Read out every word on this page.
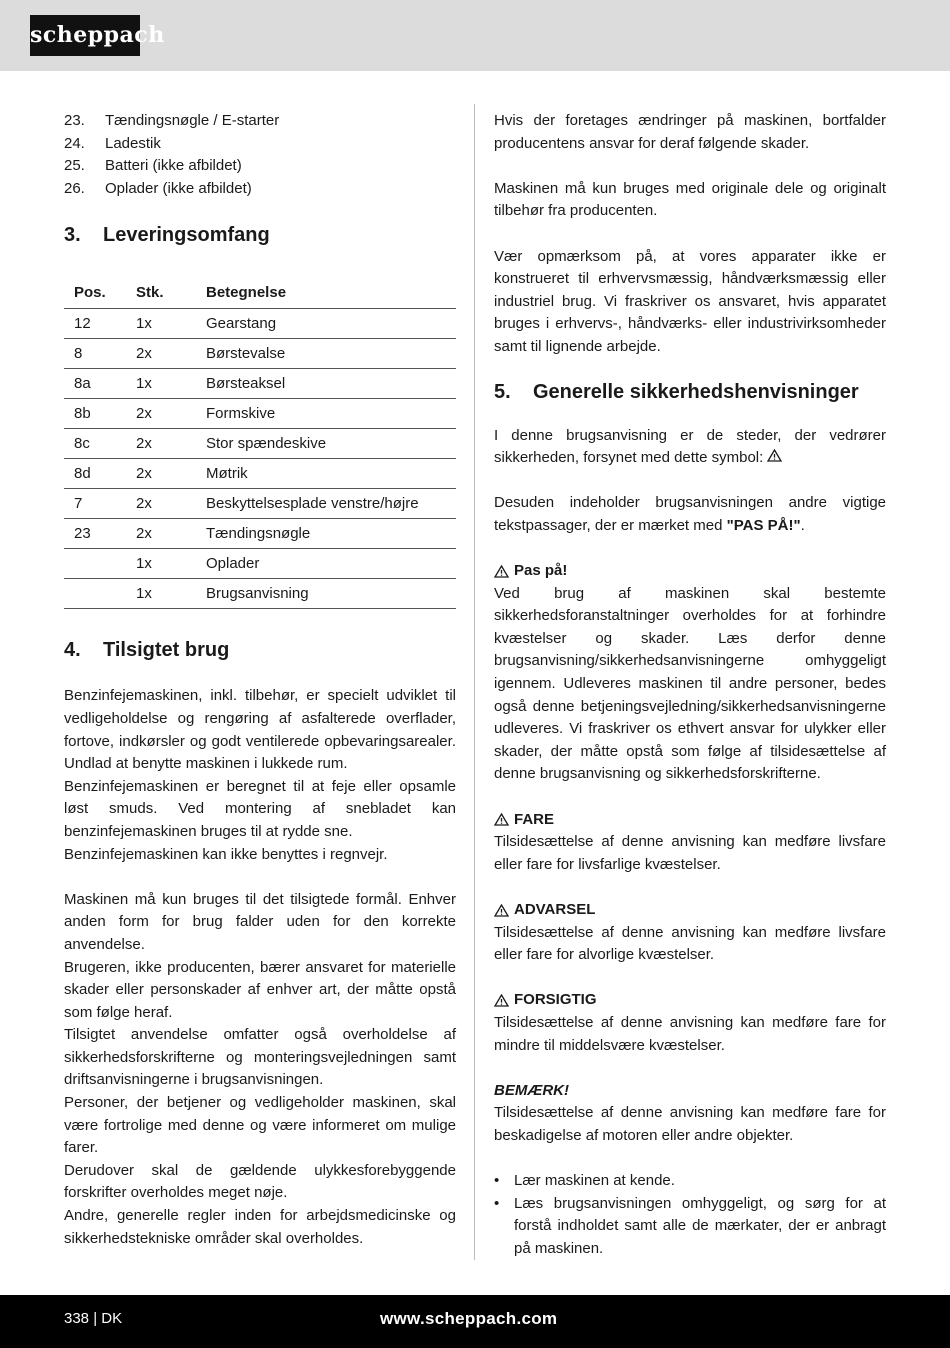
scheppach
23.	Tændingsnøgle / E-starter
24.	Ladestik
25.	Batteri (ikke afbildet)
26.	Oplader (ikke afbildet)
3.	Leveringsomfang
Pos.	Stk.	Betegnelse
12	1x	Gearstang
8	2x	Børstevalse
8a	1x	Børsteaksel
8b	2x	Formskive
8c	2x	Stor spændeskive
8d	2x	Møtrik
7	2x	Beskyttelsesplade venstre/højre
23	2x	Tændingsnøgle
	1x	Oplader
	1x	Brugsanvisning
4.	Tilsigtet brug

Benzinfejemaskinen, inkl. tilbehør, er specielt udviklet til vedligeholdelse og rengøring af asfalterede overflader, fortove, indkørsler og godt ventilerede opbevaringsarealer. Undlad at benytte maskinen i lukkede rum.

Benzinfejemaskinen er beregnet til at feje eller opsamle løst smuds. Ved montering af snebladet kan benzinfejemaskinen bruges til at rydde sne.

Benzinfejemaskinen kan ikke benyttes i regnvejr.

Maskinen må kun bruges til det tilsigtede formål. Enhver anden form for brug falder uden for den korrekte anvendelse.

Brugeren, ikke producenten, bærer ansvaret for materielle skader eller personskader af enhver art, der måtte opstå som følge heraf.

Tilsigtet anvendelse omfatter også overholdelse af sikkerhedsforskrifterne og monteringsvejledningen samt driftsanvisningerne i brugsanvisningen.

Personer, der betjener og vedligeholder maskinen, skal være fortrolige med denne og være informeret om mulige farer.

Derudover skal de gældende ulykkesforebyggende forskrifter overholdes meget nøje.

Andre, generelle regler inden for arbejdsmedicinske og sikkerhedstekniske områder skal overholdes.

Hvis der foretages ændringer på maskinen, bortfalder producentens ansvar for deraf følgende skader.

Maskinen må kun bruges med originale dele og originalt tilbehør fra producenten.

Vær opmærksom på, at vores apparater ikke er konstrueret til erhvervsmæssig, håndværksmæssig eller industriel brug. Vi fraskriver os ansvaret, hvis apparatet bruges i erhvervs-, håndværks- eller industrivirksomheder samt til lignende arbejde.

5.	Generelle sikkerhedshenvisninger

I denne brugsanvisning er de steder, der vedrører sikkerheden, forsynet med dette symbol:

Desuden indeholder brugsanvisningen andre vigtige tekstpassager, der er mærket med "PAS PÅ!".

Pas på!

Ved brug af maskinen skal bestemte sikkerhedsforanstaltninger overholdes for at forhindre kvæstelser og skader. Læs derfor denne brugsanvisning/sikkerhedsanvisningerne omhyggeligt igennem. Udleveres maskinen til andre personer, bedes også denne betjeningsvejledning/sikkerhedsanvisningerne udleveres. Vi fraskriver os ethvert ansvar for ulykker eller skader, der måtte opstå som følge af tilsidesættelse af denne brugsanvisning og sikkerhedsforskrifterne.

FARE

Tilsidesættelse af denne anvisning kan medføre livsfare eller fare for livsfarlige kvæstelser.

ADVARSEL

Tilsidesættelse af denne anvisning kan medføre livsfare eller fare for alvorlige kvæstelser.

FORSIGTIG

Tilsidesættelse af denne anvisning kan medføre fare for mindre til middelsvære kvæstelser.

BEMÆRK!

Tilsidesættelse af denne anvisning kan medføre fare for beskadigelse af motoren eller andre objekter.

• Lær maskinen at kende.
• Læs brugsanvisningen omhyggeligt, og sørg for at forstå indholdet samt alle de mærkater, der er anbragt på maskinen.
338 | DK	www.scheppach.com
